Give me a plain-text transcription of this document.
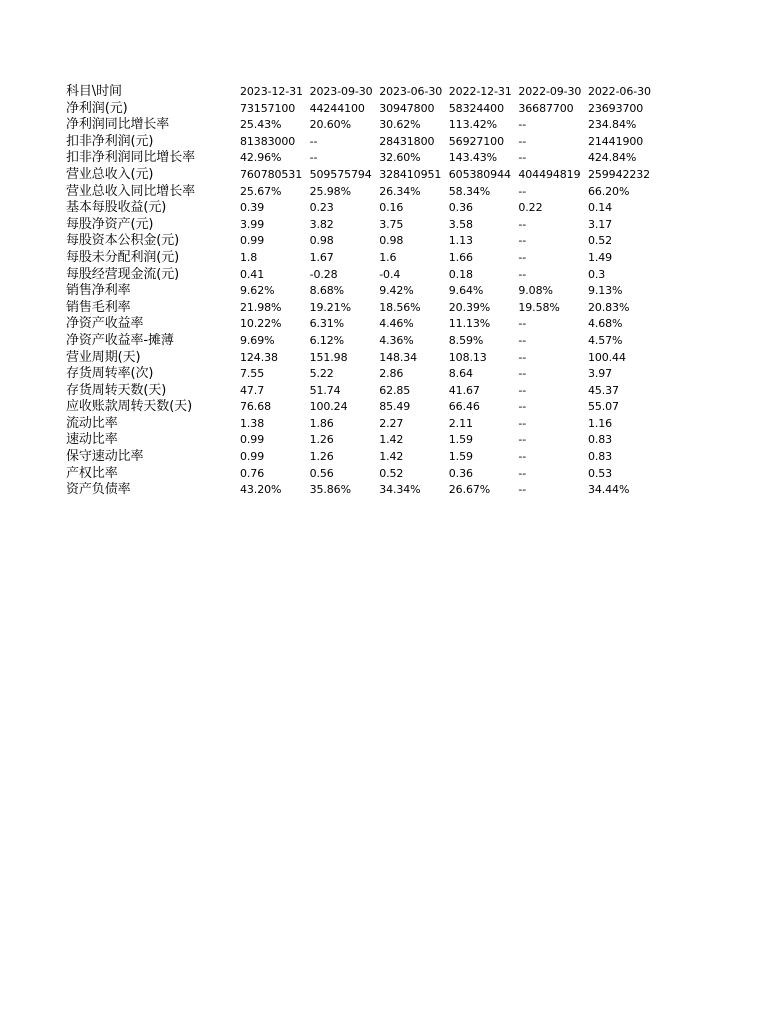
科目\时间	2023-12-31	2023-09-30	2023-06-30	2022-12-31	2022-09-30	2022-06-30
净利润(元)	73157100	44244100	30947800	58324400	36687700	23693700
净利润同比增长率	25.43%	20.60%	30.62%	113.42%	--	234.84%
扣非净利润(元)	81383000	--	28431800	56927100	--	21441900
扣非净利润同比增长率	42.96%	--	32.60%	143.43%	--	424.84%
营业总收入(元)	760780531	509575794	328410951	605380944	404494819	259942232
营业总收入同比增长率	25.67%	25.98%	26.34%	58.34%	--	66.20%
基本每股收益(元)	0.39	0.23	0.16	0.36	0.22	0.14
每股净资产(元)	3.99	3.82	3.75	3.58	--	3.17
每股资本公积金(元)	0.99	0.98	0.98	1.13	--	0.52
每股未分配利润(元)	1.8	1.67	1.6	1.66	--	1.49
每股经营现金流(元)	0.41	-0.28	-0.4	0.18	--	0.3
销售净利率	9.62%	8.68%	9.42%	9.64%	9.08%	9.13%
销售毛利率	21.98%	19.21%	18.56%	20.39%	19.58%	20.83%
净资产收益率	10.22%	6.31%	4.46%	11.13%	--	4.68%
净资产收益率-摊薄	9.69%	6.12%	4.36%	8.59%	--	4.57%
营业周期(天)	124.38	151.98	148.34	108.13	--	100.44
存货周转率(次)	7.55	5.22	2.86	8.64	--	3.97
存货周转天数(天)	47.7	51.74	62.85	41.67	--	45.37
应收账款周转天数(天)	76.68	100.24	85.49	66.46	--	55.07
流动比率	1.38	1.86	2.27	2.11	--	1.16
速动比率	0.99	1.26	1.42	1.59	--	0.83
保守速动比率	0.99	1.26	1.42	1.59	--	0.83
产权比率	0.76	0.56	0.52	0.36	--	0.53
资产负债率	43.20%	35.86%	34.34%	26.67%	--	34.44%
